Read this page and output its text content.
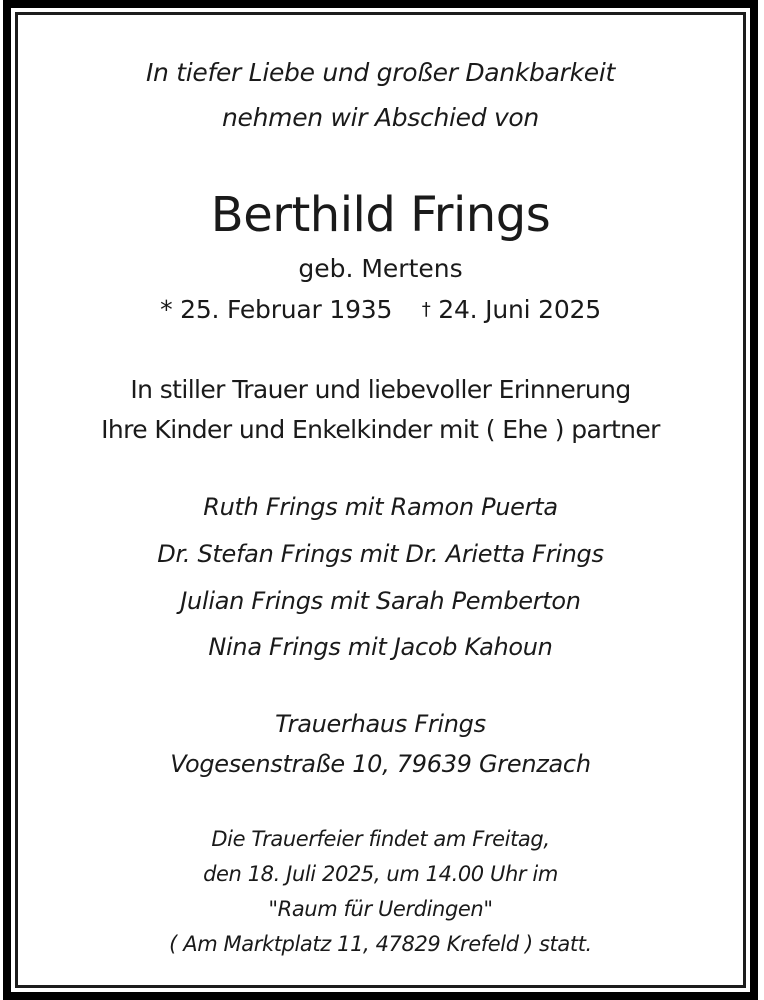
In tiefer Liebe und großer Dankbarkeit
nehmen wir Abschied von
Berthild Frings
geb. Mertens
* 25. Februar 1935 † 24. Juni 2025
In stiller Trauer und liebevoller Erinnerung
Ihre Kinder und Enkelkinder mit ( Ehe ) partner
Ruth Frings mit Ramon Puerta
Dr. Stefan Frings mit Dr. Arietta Frings
Julian Frings mit Sarah Pemberton
Nina Frings mit Jacob Kahoun
Trauerhaus Frings
Vogesenstraße 10, 79639 Grenzach
Die Trauerfeier findet am Freitag,
den 18. Juli 2025, um 14.00 Uhr im
"Raum für Uerdingen"
( Am Marktplatz 11, 47829 Krefeld ) statt.
